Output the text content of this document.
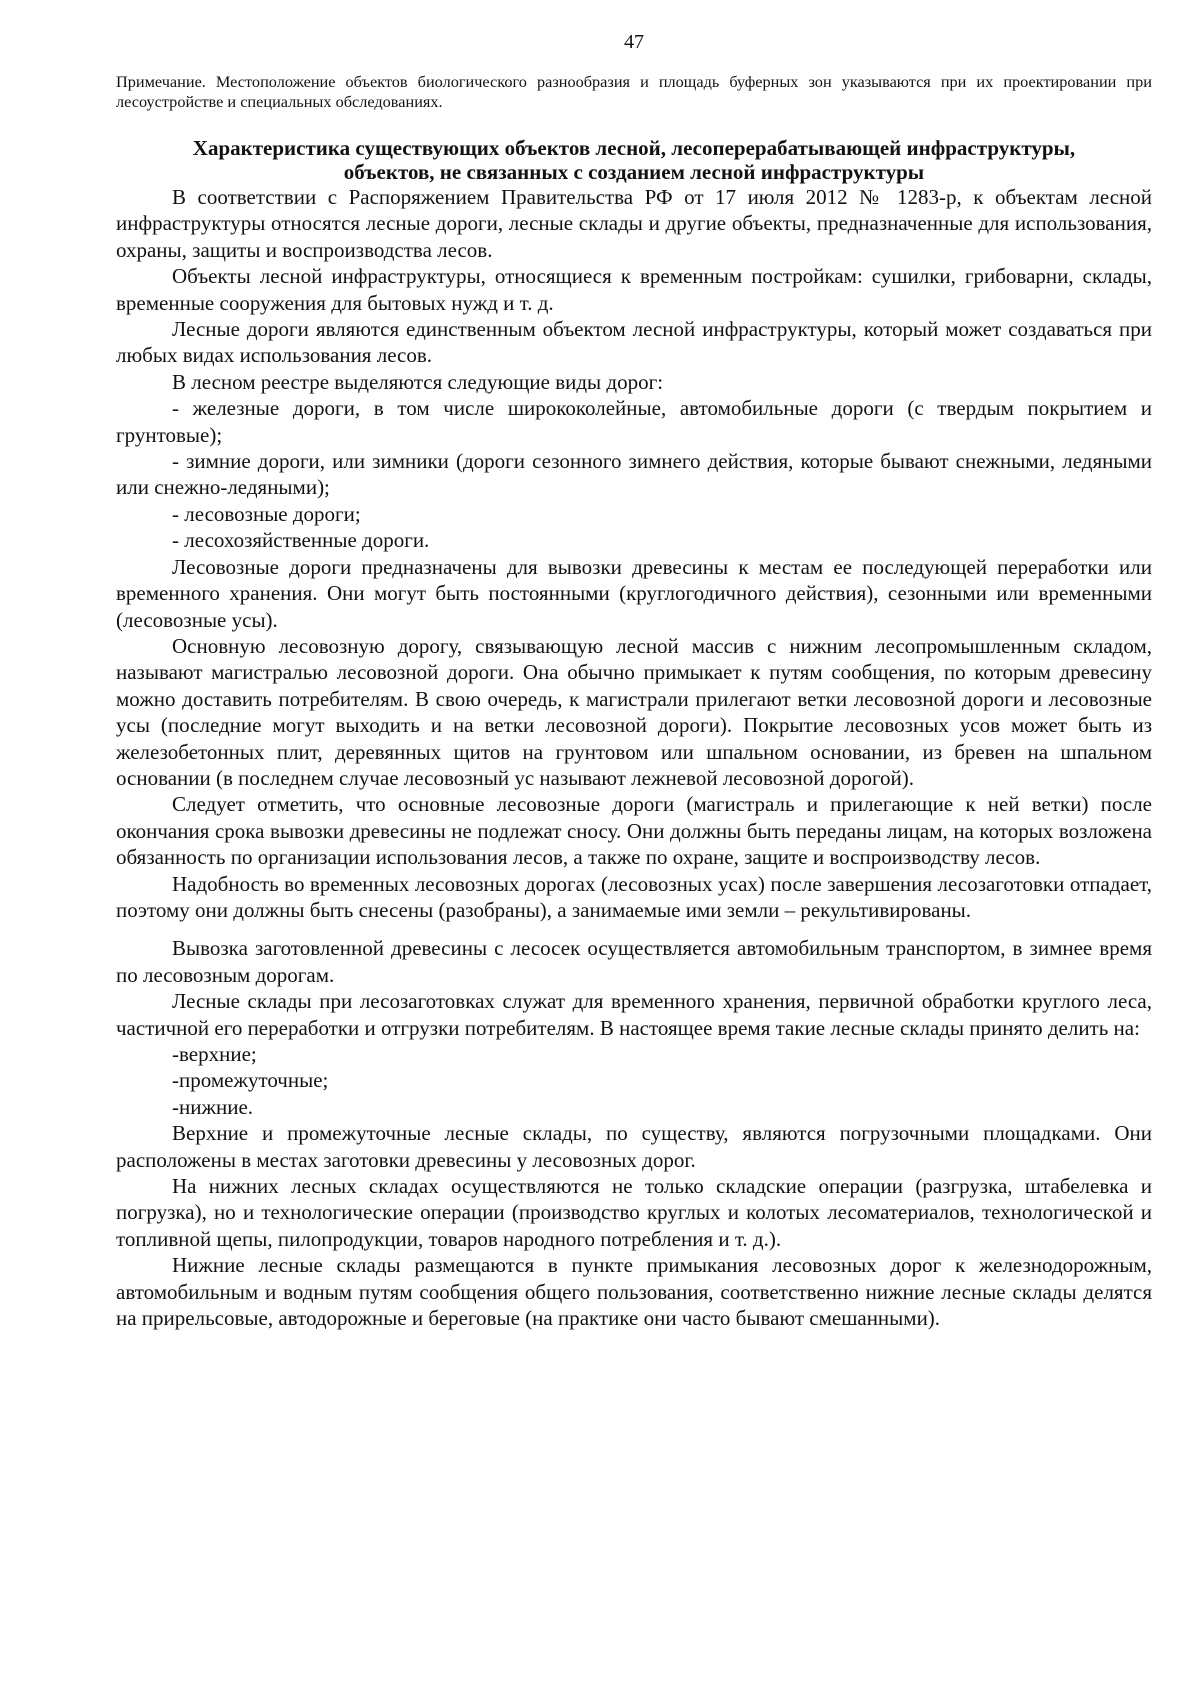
47
Примечание. Местоположение объектов биологического разнообразия и площадь буферных зон указываются при их проектировании при лесоустройстве и специальных обследованиях.
Характеристика существующих объектов лесной, лесоперерабатывающей инфраструктуры,
объектов, не связанных с созданием лесной инфраструктуры

В соответствии с Распоряжением Правительства РФ от 17 июля 2012 № 1283-р, к объектам лесной инфраструктуры относятся лесные дороги, лесные склады и другие объекты, предназначенные для использования, охраны, защиты и воспроизводства лесов.

Объекты лесной инфраструктуры, относящиеся к временным постройкам: сушилки, грибоварни, склады, временные сооружения для бытовых нужд и т. д.

Лесные дороги являются единственным объектом лесной инфраструктуры, который может создаваться при любых видах использования лесов.

В лесном реестре выделяются следующие виды дорог:

- железные дороги, в том числе ширококолейные, автомобильные дороги (с твердым покрытием и грунтовые);

- зимние дороги, или зимники (дороги сезонного зимнего действия, которые бывают снежными, ледяными или снежно-ледяными);

- лесовозные дороги;

- лесохозяйственные дороги.

Лесовозные дороги предназначены для вывозки древесины к местам ее последующей переработки или временного хранения. Они могут быть постоянными (круглогодичного действия), сезонными или временными (лесовозные усы).

Основную лесовозную дорогу, связывающую лесной массив с нижним лесопромышленным складом, называют магистралью лесовозной дороги. Она обычно примыкает к путям сообщения, по которым древесину можно доставить потребителям. В свою очередь, к магистрали прилегают ветки лесовозной дороги и лесовозные усы (последние могут выходить и на ветки лесовозной дороги). Покрытие лесовозных усов может быть из железобетонных плит, деревянных щитов на грунтовом или шпальном основании, из бревен на шпальном основании (в последнем случае лесовозный ус называют лежневой лесовозной дорогой).

Следует отметить, что основные лесовозные дороги (магистраль и прилегающие к ней ветки) после окончания срока вывозки древесины не подлежат сносу. Они должны быть переданы лицам, на которых возложена обязанность по организации использования лесов, а также по охране, защите и воспроизводству лесов.

Надобность во временных лесовозных дорогах (лесовозных усах) после завершения лесозаготовки отпадает, поэтому они должны быть снесены (разобраны), а занимаемые ими земли – рекультивированы.

Вывозка заготовленной древесины с лесосек осуществляется автомобильным транспортом, в зимнее время по лесовозным дорогам.

Лесные склады при лесозаготовках служат для временного хранения, первичной обработки круглого леса, частичной его переработки и отгрузки потребителям. В настоящее время такие лесные склады принято делить на:

-верхние;

-промежуточные;

-нижние.

Верхние и промежуточные лесные склады, по существу, являются погрузочными площадками. Они расположены в местах заготовки древесины у лесовозных дорог.

На нижних лесных складах осуществляются не только складские операции (разгрузка, штабелевка и погрузка), но и технологические операции (производство круглых и колотых лесоматериалов, технологической и топливной щепы, пилопродукции, товаров народного потребления и т. д.).

Нижние лесные склады размещаются в пункте примыкания лесовозных дорог к железнодорожным, автомобильным и водным путям сообщения общего пользования, соответственно нижние лесные склады делятся на прирельсовые, автодорожные и береговые (на практике они часто бывают смешанными).
